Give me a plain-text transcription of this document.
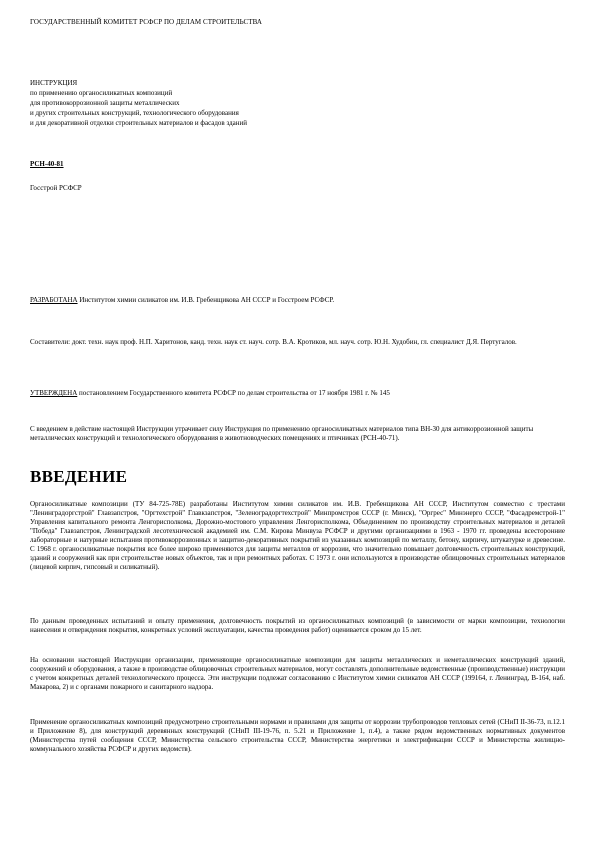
ГОСУДАРСТВЕННЫЙ КОМИТЕТ РСФСР ПО ДЕЛАМ СТРОИТЕЛЬСТВА
ИНСТРУКЦИЯ
по применению органосиликатных композиций
для противокоррозионной защиты металлических
и других строительных конструкций, технологического оборудования
и для декоративной отделки строительных материалов и фасадов зданий
РСН-40-81
Госстрой РСФСР

РАЗРАБОТАНА Институтом химии силикатов им. И.В. Гребенщикова АН СССР и Госстроем РСФСР.

Составители: докт. техн. наук проф. Н.П. Харитонов, канд. техн. наук ст. науч. сотр. В.А. Кротиков, мл. науч. сотр. Ю.Н. Худобин, гл. специалист Д.Я. Пертугалов.

УТВЕРЖДЕНА постановлением Государственного комитета РСФСР по делам строительства от 17 ноября 1981 г. № 145

С введением в действие настоящей Инструкции утрачивает силу Инструкция по применению органосиликатных материалов типа ВН-30 для антикоррозионной защиты металлических конструкций и технологического оборудования в животноводческих помещениях и птичниках (РСН-40-71).

ВВЕДЕНИЕ

Органосиликатные композиции (ТУ 84-725-78Е) разработаны Институтом химии силикатов им. И.В. Гребенщикова АН СССР, Институтом совместно с трестами "Ленинградоргстрой" Главзапстроя, "Оргтехстрой" Главкзапстроя, "Зеленоградоргтехстрой" Минпромстроя СССР (г. Минск), "Оргрес" Минэнерго СССР, "Фасадремстрой-1" Управления капитального ремонта Ленгорисполкома, Дорожно-мостового управления Ленгорисполкома, Объединением по производству строительных материалов и деталей "Победа" Главзапстроя, Ленинградской лесотехнической академией им. С.М. Кирова Минвуза РСФСР и другими организациями в 1963 - 1970 гг. проведены всесторонние лабораторные и натурные испытания противокоррозионных и защитно-декоративных покрытий из указанных композиций по металлу, бетону, кирпичу, штукатурке и древесине. С 1968 г. органосиликатные покрытия все более широко применяются для защиты металлов от коррозии, что значительно повышает долговечность строительных конструкций, зданий и сооружений как при строительстве новых объектов, так и при ремонтных работах. С 1973 г. они используются в производстве облицовочных строительных материалов (лицевой кирпич, гипсовый и силикатный).

По данным проведенных испытаний и опыту применения, долговечность покрытий из органосиликатных композиций (в зависимости от марки композиции, технологии нанесения и отверждения покрытия, конкретных условий эксплуатации, качества проведения работ) оценивается сроком до 15 лет.

На основании настоящей Инструкции организации, применяющие органосиликатные композиции для защиты металлических и неметаллических конструкций зданий, сооружений и оборудования, а также в производстве облицовочных строительных материалов, могут составлять дополнительные ведомственные (производственные) инструкции с учетом конкретных деталей технологического процесса. Эти инструкции подлежат согласованию с Институтом химии силикатов АН СССР (199164, г. Ленинград, В-164, наб. Макарова, 2) и с органами пожарного и санитарного надзора.

Применение органосиликатных композиций предусмотрено строительными нормами и правилами для защиты от коррозии трубопроводов тепловых сетей (СНиП II-36-73, п.12.1 и Приложение 8), для конструкций деревянных конструкций (СНиП III-19-76, п. 5.21 и Приложение 1, п.4), а также рядом ведомственных нормативных документов (Министерства путей сообщения СССР, Министерства сельского строительства СССР, Министерства энергетики и электрификации СССР и Министерства жилищно-коммунального хозяйства РСФСР и других ведомств).
